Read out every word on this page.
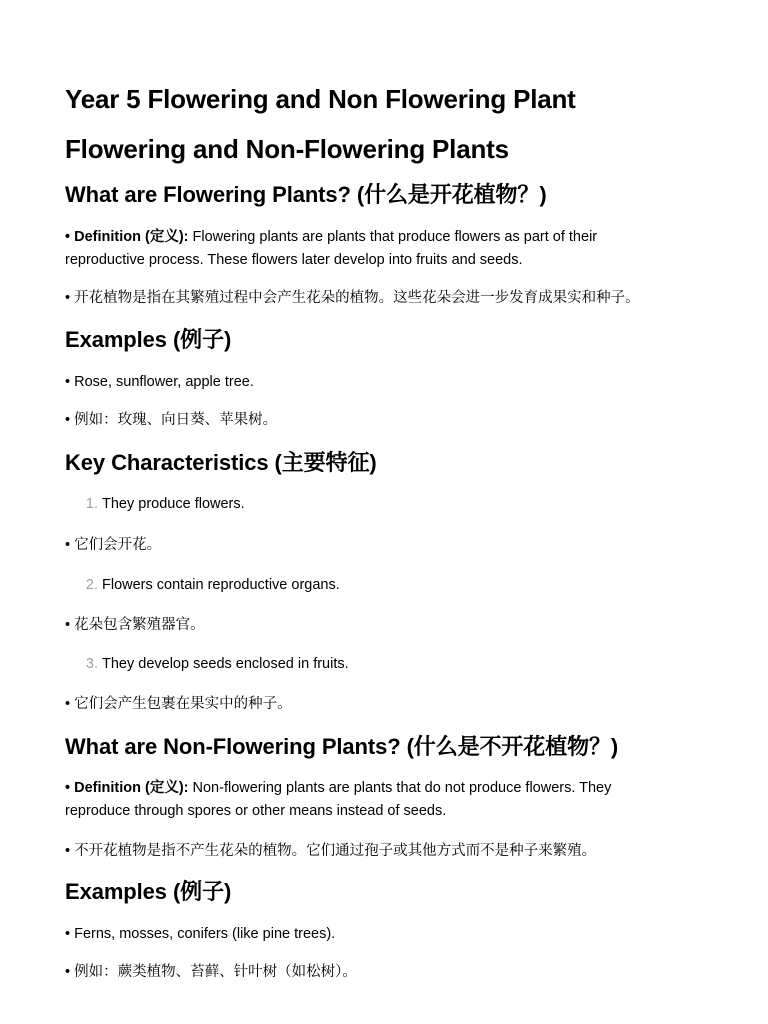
Year 5 Flowering and Non Flowering Plant
Flowering and Non-Flowering Plants
What are Flowering Plants? (什么是开花植物？)
• Definition (定义): Flowering plants are plants that produce flowers as part of their reproductive process. These flowers later develop into fruits and seeds.
• 开花植物是指在其繁殖过程中会产生花朵的植物。这些花朵会进一步发育成果实和种子。
Examples (例子)
• Rose, sunflower, apple tree.
• 例如：玫瑰、向日葵、苹果树。
Key Characteristics (主要特征)
1. They produce flowers.
• 它们会开花。
2. Flowers contain reproductive organs.
• 花朵包含繁殖器官。
3. They develop seeds enclosed in fruits.
• 它们会产生包裹在果实中的种子。
What are Non-Flowering Plants? (什么是不开花植物？)
• Definition (定义): Non-flowering plants are plants that do not produce flowers. They reproduce through spores or other means instead of seeds.
• 不开花植物是指不产生花朵的植物。它们通过孢子或其他方式而不是种子来繁殖。
Examples (例子)
• Ferns, mosses, conifers (like pine trees).
• 例如：蕨类植物、苔藓、针叶树（如松树）。
